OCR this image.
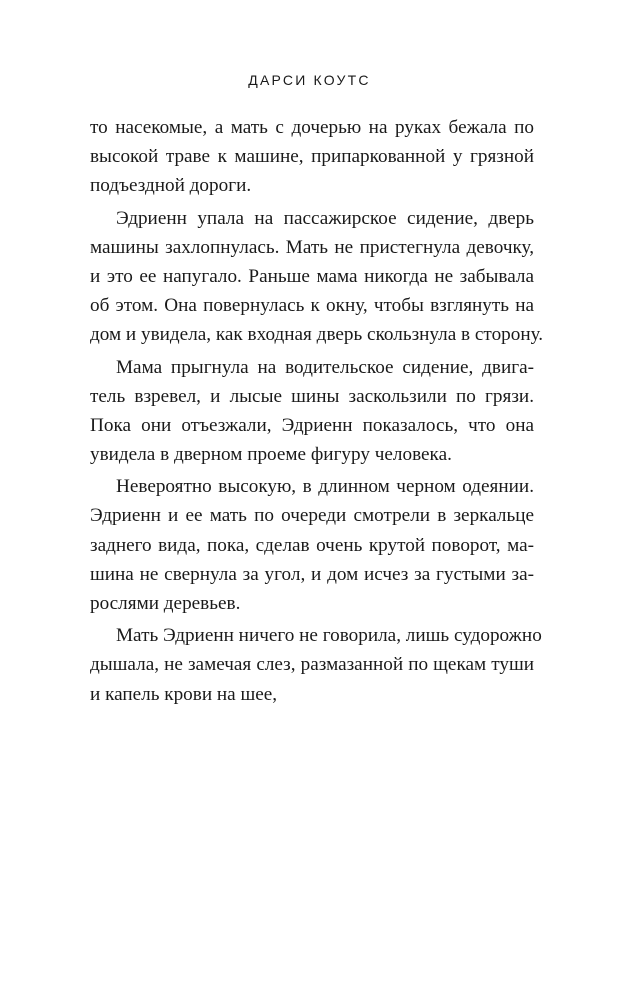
ДАРСИ КОУТС
то насекомые, а мать с дочерью на руках бежала по
высокой траве к машине, припаркованной у грязной
подъездной дороги.
Эдриенн упала на пассажирское сидение, дверь
машины захлопнулась. Мать не пристегнула девочку,
и это ее напугало. Раньше мама никогда не забывала
об этом. Она повернулась к окну, чтобы взглянуть на
дом и увидела, как входная дверь скользнула в сторону.
Мама прыгнула на водительское сидение, двига-
тель взревел, и лысые шины заскользили по грязи.
Пока они отъезжали, Эдриенн показалось, что она
увидела в дверном проеме фигуру человека.
Невероятно высокую, в длинном черном одеянии.
Эдриенн и ее мать по очереди смотрели в зеркальце
заднего вида, пока, сделав очень крутой поворот, ма-
шина не свернула за угол, и дом исчез за густыми за-
рослями деревьев.
Мать Эдриенн ничего не говорила, лишь судорожно
дышала, не замечая слез, размазанной по щекам туши
и капель крови на шее,
